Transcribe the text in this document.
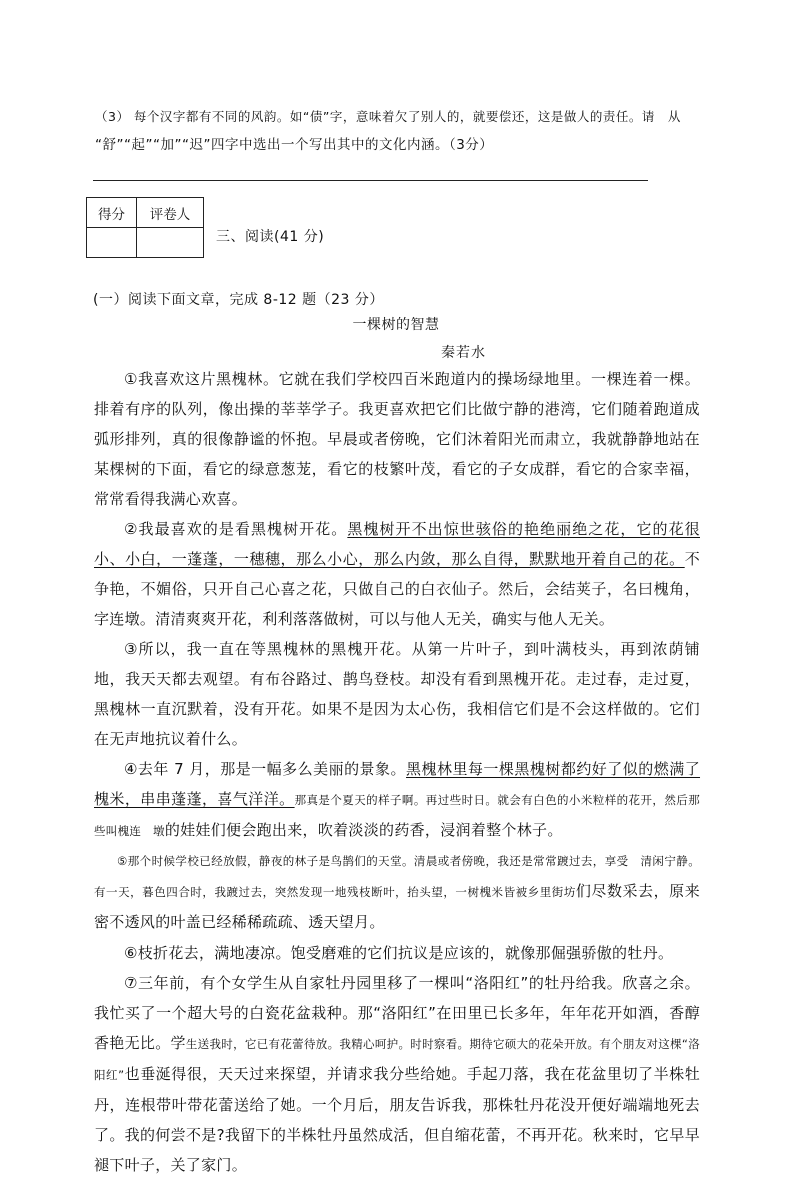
（3） 每个汉字都有不同的风韵。如“债”字，意味着欠了别人的，就要偿还，这是做人的责任。请　从
“舒”“起”“加”“迟”四字中选出一个写出其中的文化内涵。（3分）
得分	评卷人

三、阅读(41 分)
(一）阅读下面文章，完成 8-12 题（23 分）
一棵树的智慧
秦若水

①我喜欢这片黑槐林。它就在我们学校四百米跑道内的操场绿地里。一棵连着一棵。排着有序的队列，像出操的莘莘学子。我更喜欢把它们比做宁静的港湾，它们随着跑道成弧形排列，真的很像静谧的怀抱。早晨或者傍晚，它们沐着阳光而肃立，我就静静地站在某棵树的下面，看它的绿意葱茏，看它的枝繁叶茂，看它的子女成群，看它的合家幸福，常常看得我满心欢喜。

②我最喜欢的是看黑槐树开花。黑槐树开不出惊世骇俗的艳绝丽绝之花，它的花很小、小白，一蓬蓬，一穗穗，那么小心，那么内敛，那么自得，默默地开着自己的花。不争艳，不媚俗，只开自己心喜之花，只做自己的白衣仙子。然后，会结荚子，名曰槐角，字连墩。清清爽爽开花，利利落落做树，可以与他人无关，确实与他人无关。

③所以，我一直在等黑槐林的黑槐开花。从第一片叶子，到叶满枝头，再到浓荫铺地，我天天都去观望。有布谷路过、鹊鸟登枝。却没有看到黑槐开花。走过春，走过夏，黑槐林一直沉默着，没有开花。如果不是因为太心伤，我相信它们是不会这样做的。它们在无声地抗议着什么。

④去年 7 月，那是一幅多么美丽的景象。黑槐林里每一棵黑槐树都约好了似的燃满了槐米，串串蓬蓬，喜气洋洋。那真是个夏天的样子啊。再过些时日。就会有白色的小米粒样的花开，然后那些叫槐连　墩的娃娃们便会跑出来，吹着淡淡的药香，浸润着整个林子。

⑤那个时候学校已经放假，静夜的林子是鸟鹊们的天堂。清晨或者傍晚，我还是常常踱过去，享受　清闲宁静。有一天，暮色四合时，我踱过去，突然发现一地残枝断叶，抬头望，一树槐米皆被乡里街坊们尽数采去，原来密不透风的叶盖已经稀稀疏疏、透天望月。

⑥枝折花去，满地凄凉。饱受磨难的它们抗议是应该的，就像那倔强骄傲的牡丹。

⑦三年前，有个女学生从自家牡丹园里移了一棵叫“洛阳红”的牡丹给我。欣喜之余。我忙买了一个超大号的白瓷花盆栽种。那“洛阳红”在田里已长多年，年年花开如酒，香醇香艳无比。学生送我时，它已有花蕾待放。我精心呵护。时时察看。期待它硕大的花朵开放。有个朋友对这棵“洛　阳红”也垂涎得很，天天过来探望，并请求我分些给她。手起刀落，我在花盆里切了半株牡丹，连根带叶带花蕾送给了她。一个月后，朋友告诉我，那株牡丹花没开便好端端地死去了。我的何尝不是?我留下的半株牡丹虽然成活，但自缩花蕾，不再开花。秋来时，它早早褪下叶子，关了家门。
